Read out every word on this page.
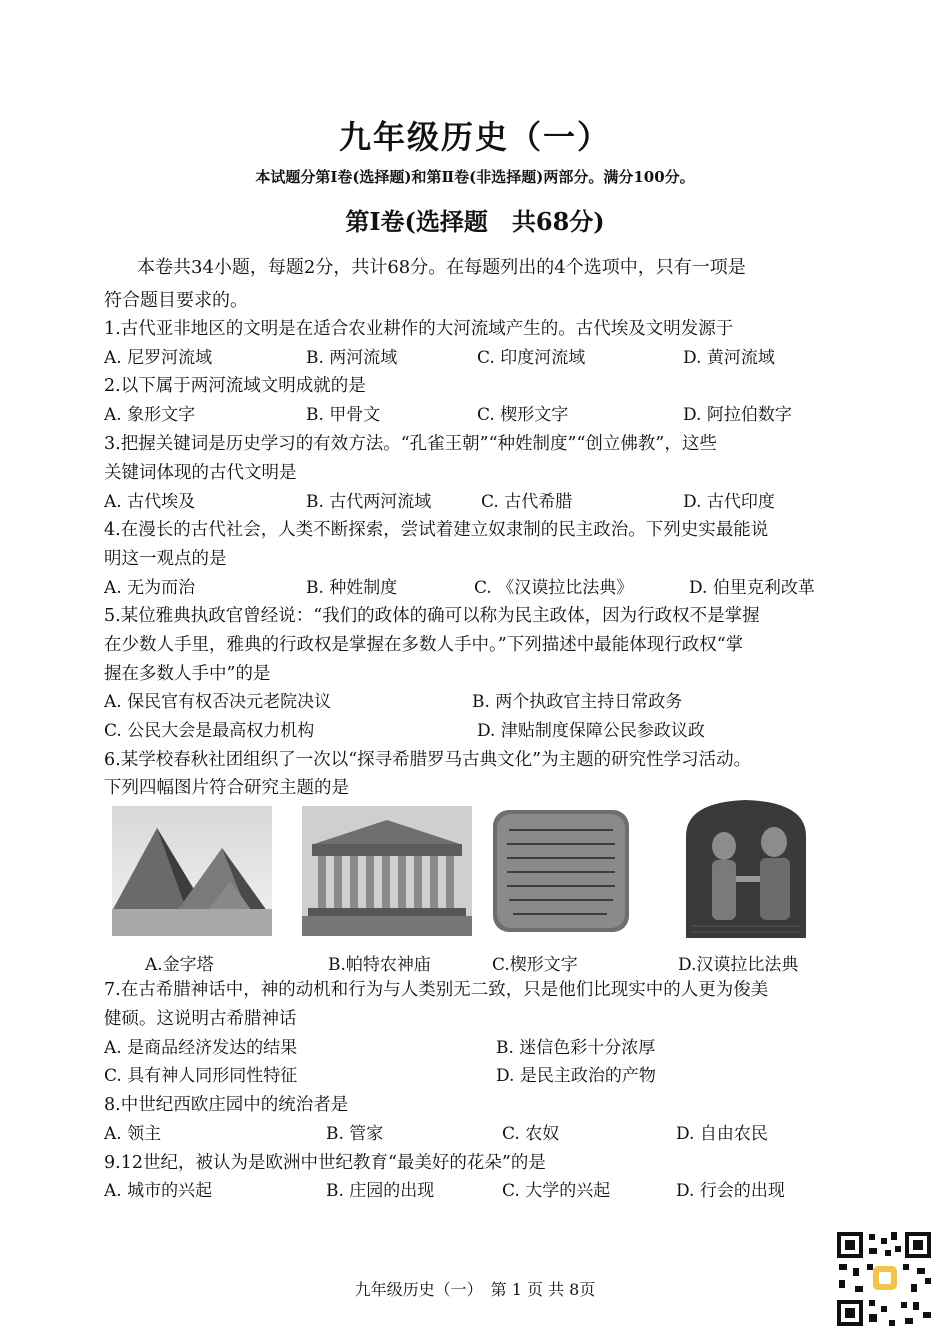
九年级历史（一）
本试题分第Ⅰ卷(选择题)和第Ⅱ卷(非选择题)两部分。满分100分。
第Ⅰ卷(选择题　共68分)
本卷共34小题，每题2分，共计68分。在每题列出的4个选项中，只有一项是
符合题目要求的。
1.古代亚非地区的文明是在适合农业耕作的大河流域产生的。古代埃及文明发源于
A. 尼罗河流域	B. 两河流域	C. 印度河流域	D. 黄河流域
2.以下属于两河流域文明成就的是
A. 象形文字	B. 甲骨文	C. 楔形文字	D. 阿拉伯数字
3.把握关键词是历史学习的有效方法。“孔雀王朝”“种姓制度”“创立佛教”，这些
关键词体现的古代文明是
A. 古代埃及	B. 古代两河流域	C. 古代希腊	D. 古代印度
4.在漫长的古代社会，人类不断探索，尝试着建立奴隶制的民主政治。下列史实最能说
明这一观点的是
A. 无为而治	B. 种姓制度	C. 《汉谟拉比法典》	D. 伯里克利改革
5.某位雅典执政官曾经说：“我们的政体的确可以称为民主政体，因为行政权不是掌握
在少数人手里，雅典的行政权是掌握在多数人手中。”下列描述中最能体现行政权“掌
握在多数人手中”的是
A. 保民官有权否决元老院决议	B. 两个执政官主持日常政务
C. 公民大会是最高权力机构	D. 津贴制度保障公民参政议政
6.某学校春秋社团组织了一次以“探寻希腊罗马古典文化”为主题的研究性学习活动。
下列四幅图片符合研究主题的是
A.金字塔	B.帕特农神庙	C.楔形文字	D.汉谟拉比法典
7.在古希腊神话中，神的动机和行为与人类别无二致，只是他们比现实中的人更为俊美
健硕。这说明古希腊神话
A. 是商品经济发达的结果	B. 迷信色彩十分浓厚
C. 具有神人同形同性特征	D. 是民主政治的产物
8.中世纪西欧庄园中的统治者是
A. 领主	B. 管家	C. 农奴	D. 自由农民
9.12世纪，被认为是欧洲中世纪教育“最美好的花朵”的是
A. 城市的兴起	B. 庄园的出现	C. 大学的兴起	D. 行会的出现
九年级历史（一）　第 1 页 共 8页
